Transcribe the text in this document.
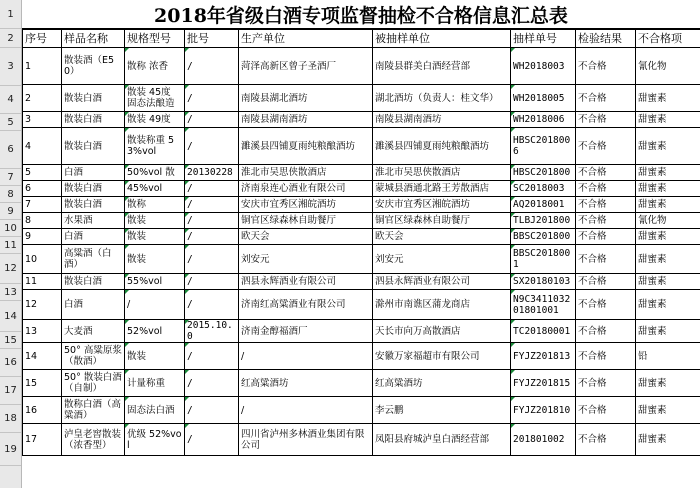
1
2
3
4
5
6
7
8
9
10
11
12
13
14
15
16
17
18
19
2018年省级白酒专项监督抽检不合格信息汇总表
序号	样品名称	规格型号	批号	生产单位	被抽样单位	抽样单号	检验结果	不合格项
1	散装酒（E50）	散称 浓香	/	菏泽高新区曾子圣酒厂	南陵县群美白酒经营部	WH2018003	不合格	氰化物
2	散装白酒	散装 45度 固态法酿造	/	南陵县湖北酒坊	湖北酒坊（负责人：桂文华）	WH2018005	不合格	甜蜜素
3	散装白酒	散装 49度	/	南陵县湖南酒坊	南陵县湖南酒坊	WH2018006	不合格	甜蜜素
4	散装白酒	散装称重 53%vol	/	濉溪县四铺夏雨纯粮酿酒坊	濉溪县四铺夏雨纯粮酿酒坊	HBSC2018006	不合格	甜蜜素
5	白酒	50%vol 散	20130228	淮北市吴思侠散酒店	淮北市吴思侠散酒店	HBSC201800	不合格	甜蜜素
6	散装白酒	45%vol	/	济南泉连心酒业有限公司	蒙城县酒通北路王芳散酒店	SC2018003	不合格	甜蜜素
7	散装白酒	散称	/	安庆市宜秀区湘皖酒坊	安庆市宜秀区湘皖酒坊	AQ2018001	不合格	甜蜜素
8	水果酒	散装	/	铜官区绿森林自助餐厅	铜官区绿森林自助餐厅	TLBJ201800	不合格	氰化物
9	白酒	散装	/	欧天会	欧天会	BBSC201800	不合格	甜蜜素
10	高粱酒（白酒）	散装	/	刘安元	刘安元	BBSC2018001	不合格	甜蜜素
11	散装白酒	55%vol	/	泗县永辉酒业有限公司	泗县永辉酒业有限公司	SX20180103	不合格	甜蜜素
12	白酒	/	/	济南红高粱酒业有限公司	滁州市南谯区蒲龙商店	N9C341103201801001	不合格	甜蜜素
13	大麦酒	52%vol	2015.10.0	济南金醇福酒厂	天长市向万高散酒店	TC20180001	不合格	甜蜜素
14	50° 高粱原浆（散酒）	散装	/	/	安徽万家福超市有限公司	FYJZ201813	不合格	铅
15	50° 散装白酒（自制）	计量称重	/	红高粱酒坊	红高粱酒坊	FYJZ201815	不合格	甜蜜素
16	散称白酒（高粱酒）	固态法白酒	/	/	李云鹏	FYJZ201810	不合格	甜蜜素
17	泸皇老窖散装（浓香型）	优级 52%vol	/	四川省泸州多林酒业集团有限公司	凤阳县府城泸皇白酒经营部	201801002	不合格	甜蜜素
